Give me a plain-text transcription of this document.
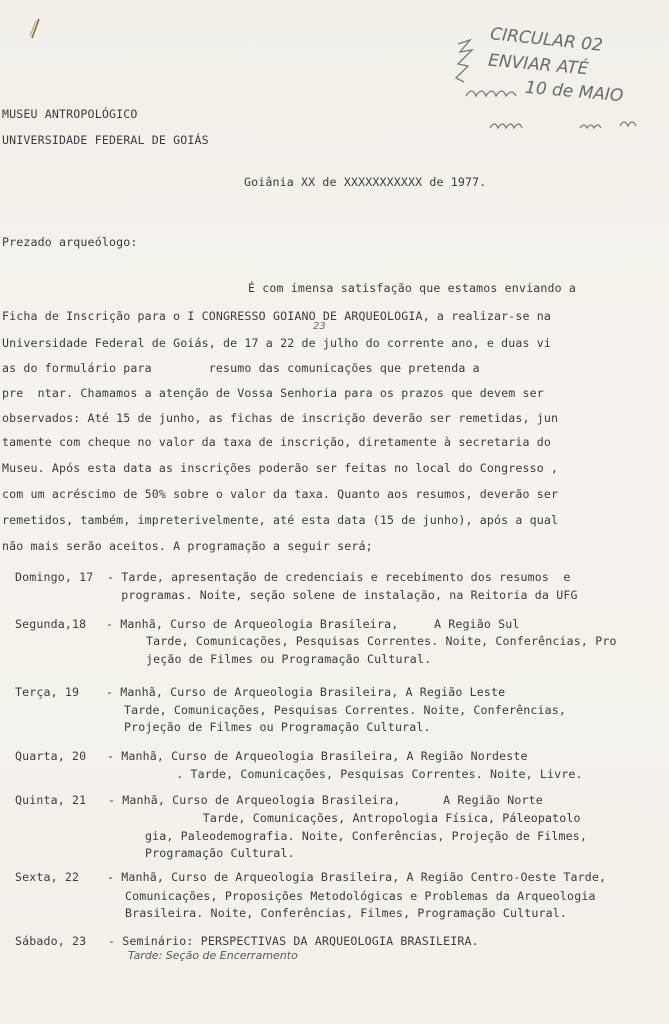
CIRCULAR 02
ENVIAR ATÉ
10 de MAIO
MUSEU ANTROPOLÓGICO
UNIVERSIDADE FEDERAL DE GOIÁS
Goiânia XX de XXXXXXXXXXX de 1977.
Prezado arqueólogo:
É com imensa satisfação que estamos enviando a
Ficha de Inscrição para o I CONGRESSO GOIANO DE ARQUEOLOGIA, a realizar-se na
Universidade Federal de Goiás, de 17 a 22 de julho do corrente ano, e duas vi
23
as do formulário para        resumo das comunicações que pretenda a
pre  ntar. Chamamos a atenção de Vossa Senhoria para os prazos que devem ser
observados: Até 15 de junho, as fichas de inscrição deverão ser remetidas, jun
tamente com cheque no valor da taxa de inscrição, diretamente à secretaria do
Museu. Após esta data as inscrições poderão ser feitas no local do Congresso ,
com um acréscimo de 50% sobre o valor da taxa. Quanto aos resumos, deverão ser
remetidos, também, impreterivelmente, até esta data (15 de junho), após a qual
não mais serão aceitos. A programação a seguir será;
Domingo, 17 - Tarde, apresentação de credenciais e recebimento dos resumos  e
programas. Noite, seção solene de instalação, na Reitoria da UFG
Segunda,18 - Manhã, Curso de Arqueologia Brasileira,     A Região Sul
Tarde, Comunicações, Pesquisas Correntes. Noite, Conferências, Pro
jeção de Filmes ou Programação Cultural.
Terça, 19 - Manhã, Curso de Arqueologia Brasileira, A Região Leste
Tarde, Comunicações, Pesquisas Correntes. Noite, Conferências,
Projeção de Filmes ou Programação Cultural.
Quarta, 20 - Manhã, Curso de Arqueologia Brasileira, A Região Nordeste
. Tarde, Comunicações, Pesquisas Correntes. Noite, Livre.
Quinta, 21 - Manhã, Curso de Arqueologia Brasileira,      A Região Norte
Tarde, Comunicações, Antropologia Física, Páleopatolo
gia, Paleodemografia. Noite, Conferências, Projeção de Filmes,
Programação Cultural.
Sexta, 22 - Manhã, Curso de Arqueologia Brasileira, A Região Centro-Oeste Tarde,
Comunicações, Proposições Metodológicas e Problemas da Arqueologia
Brasileira. Noite, Conferências, Filmes, Programação Cultural.
Sábado, 23 - Seminário: PERSPECTIVAS DA ARQUEOLOGIA BRASILEIRA.
Tarde: Seção de Encerramento
